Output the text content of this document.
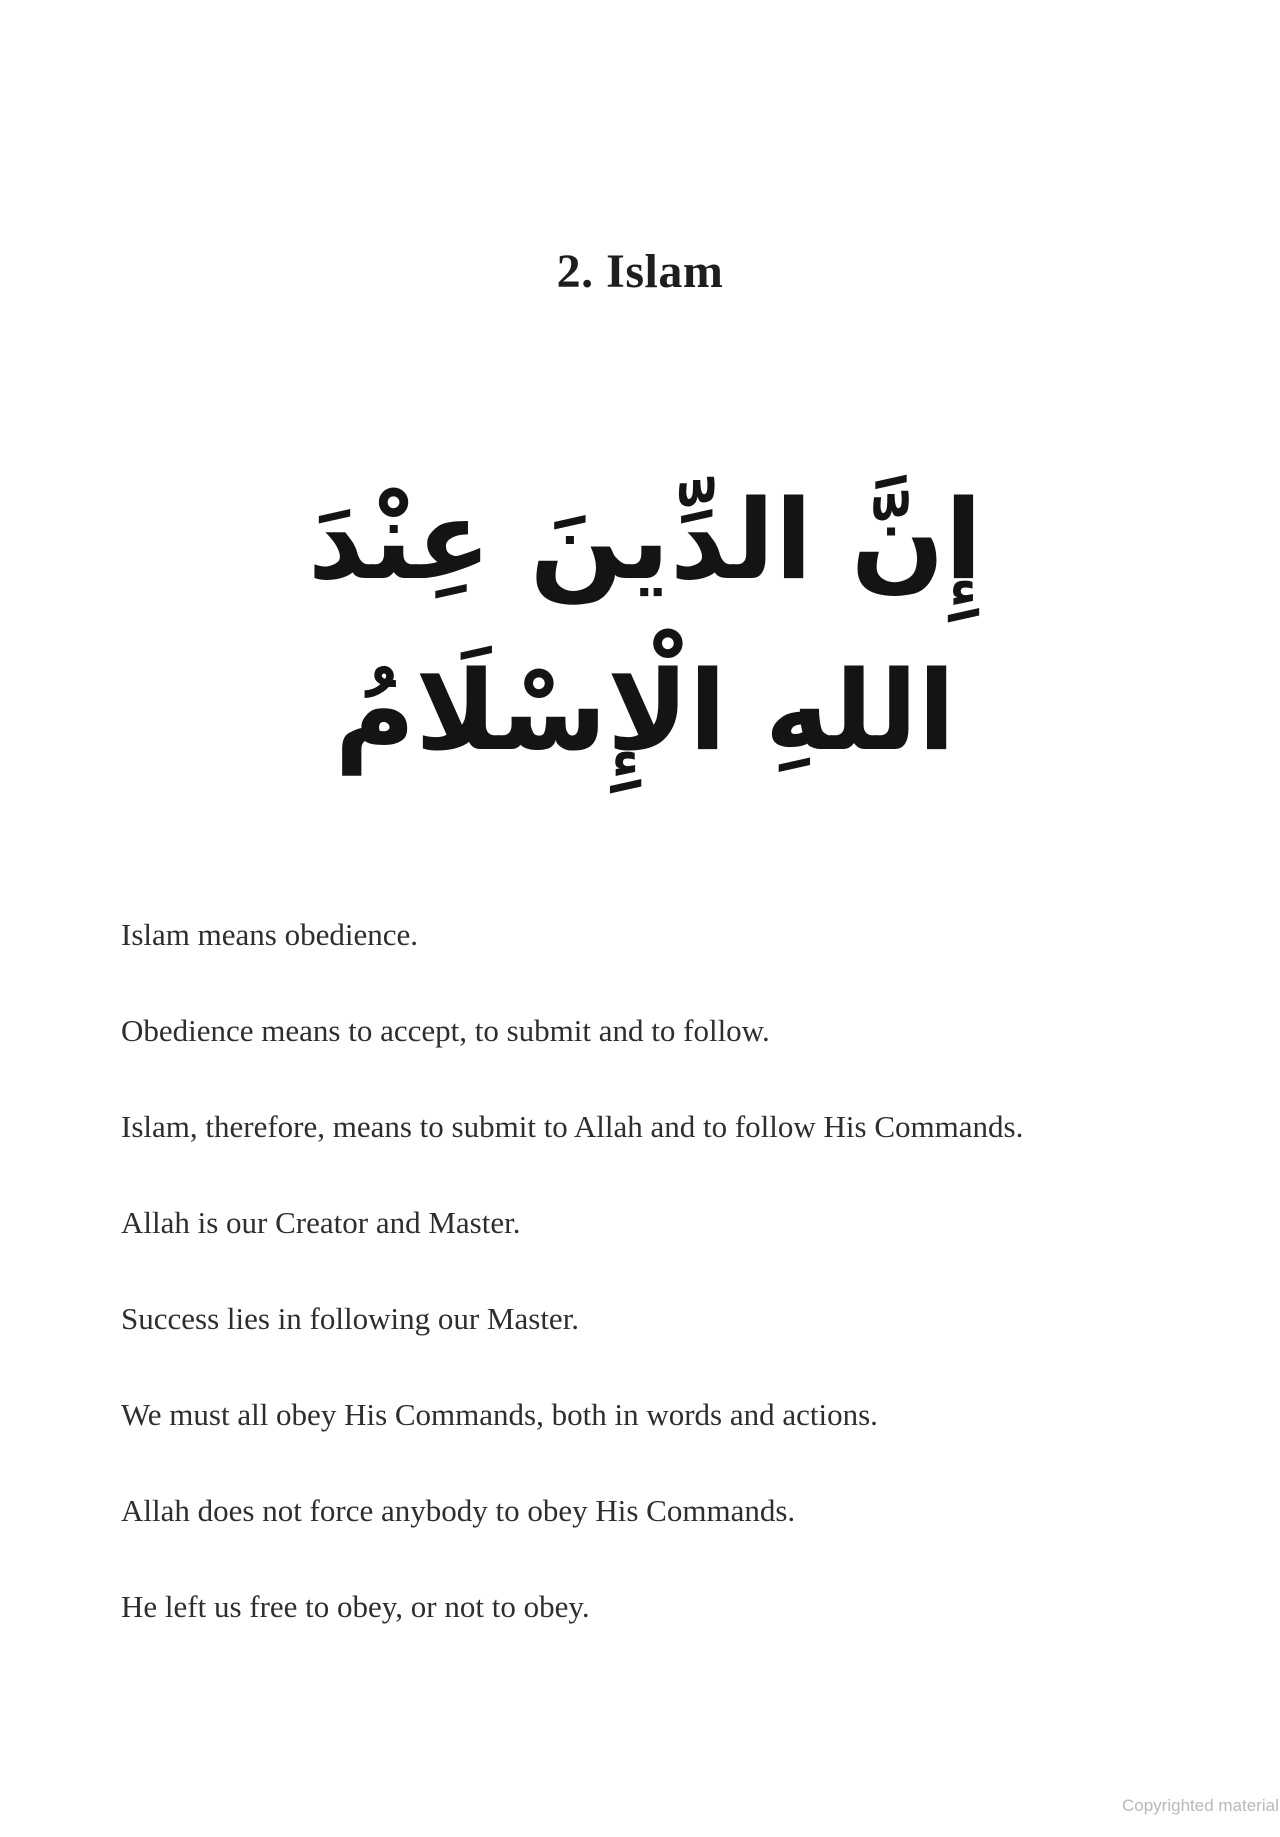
2. Islam
إِنَّ الدِّينَ عِنْدَ اللهِ الْإِسْلَامُ

Islam means obedience.

Obedience means to accept, to submit and to follow.

Islam, therefore, means to submit to Allah and to follow His Commands.

Allah is our Creator and Master.

Success lies in following our Master.

We must all obey His Commands, both in words and actions.

Allah does not force anybody to obey His Commands.

He left us free to obey, or not to obey.

Copyrighted material
